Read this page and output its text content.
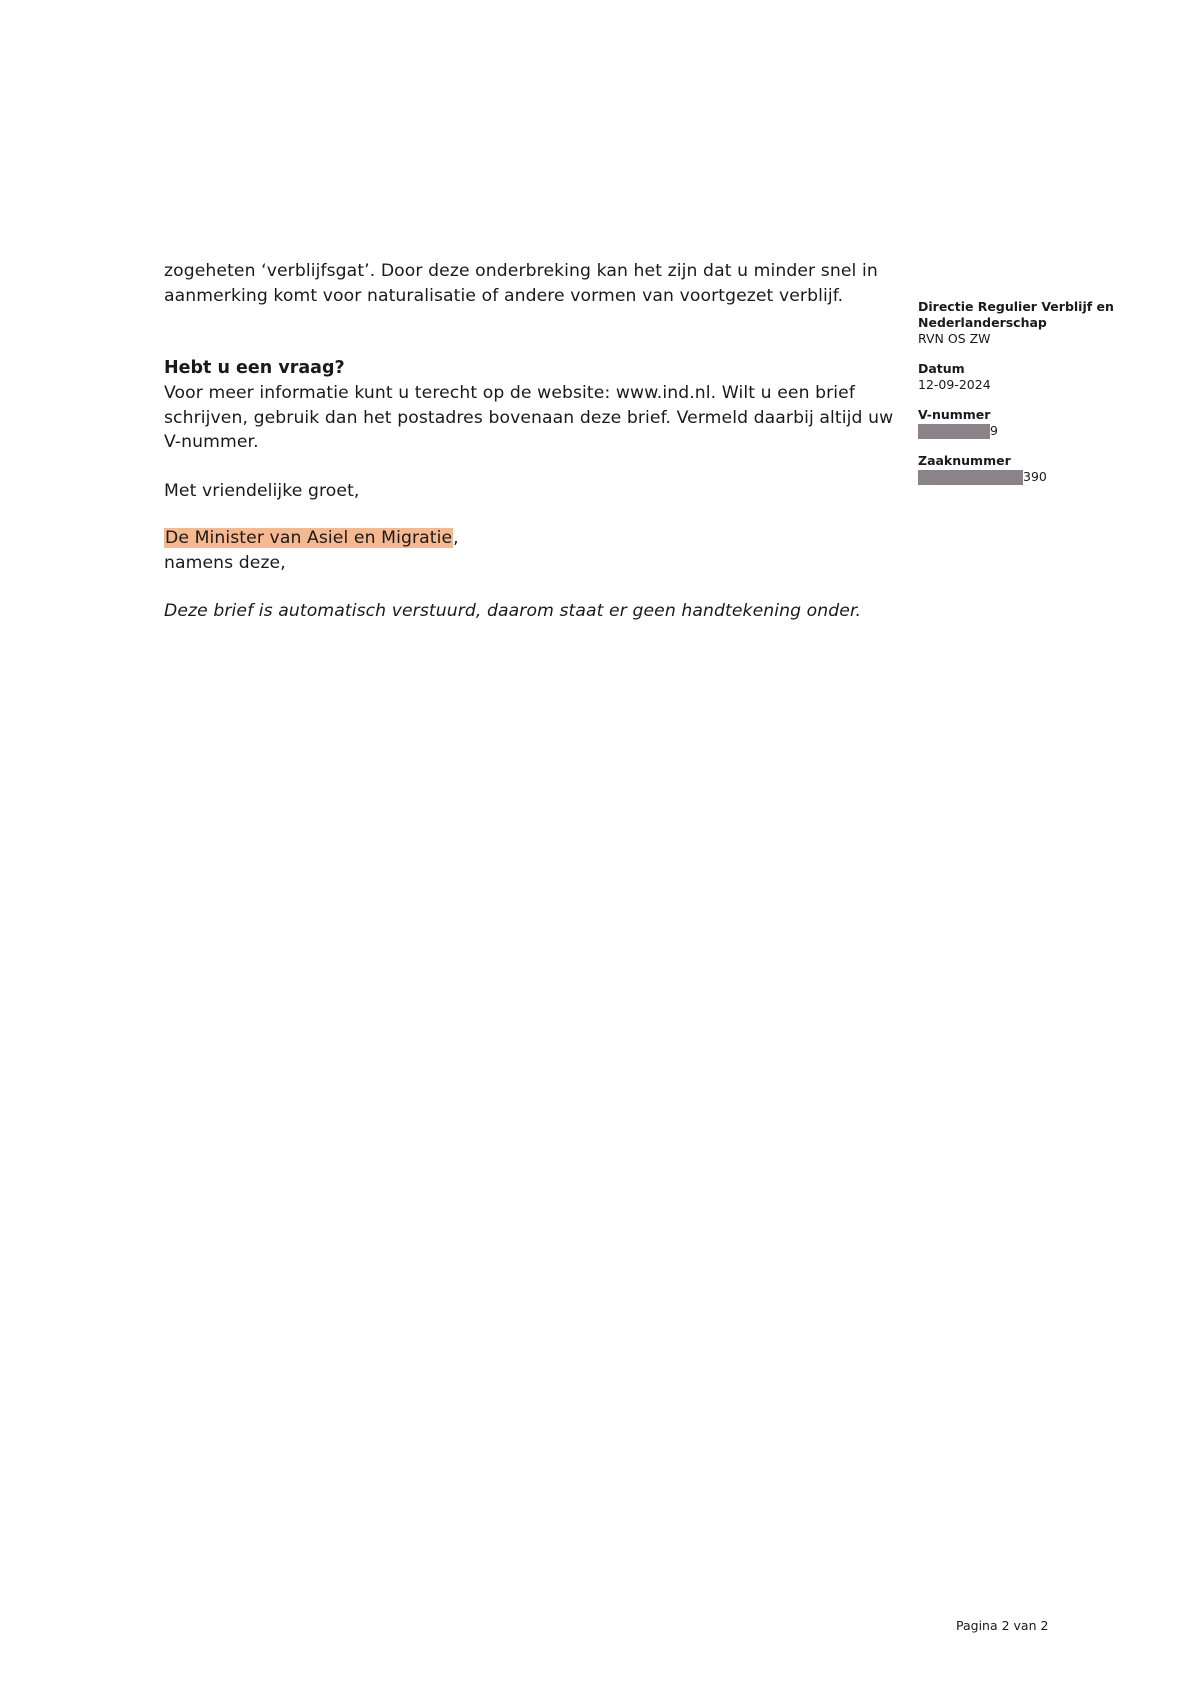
zogeheten ‘verblijfsgat’. Door deze onderbreking kan het zijn dat u minder snel in aanmerking komt voor naturalisatie of andere vormen van voortgezet verblijf.

Hebt u een vraag?

Voor meer informatie kunt u terecht op de website: www.ind.nl. Wilt u een brief schrijven, gebruik dan het postadres bovenaan deze brief. Vermeld daarbij altijd uw V-nummer.

Met vriendelijke groet,

De Minister van Asiel en Migratie,
namens deze,

Deze brief is automatisch verstuurd, daarom staat er geen handtekening onder.

Directie Regulier Verblijf en Nederlanderschap

RVN OS ZW

Datum

12-09-2024

V-nummer

9

Zaaknummer

390

Pagina 2 van 2
